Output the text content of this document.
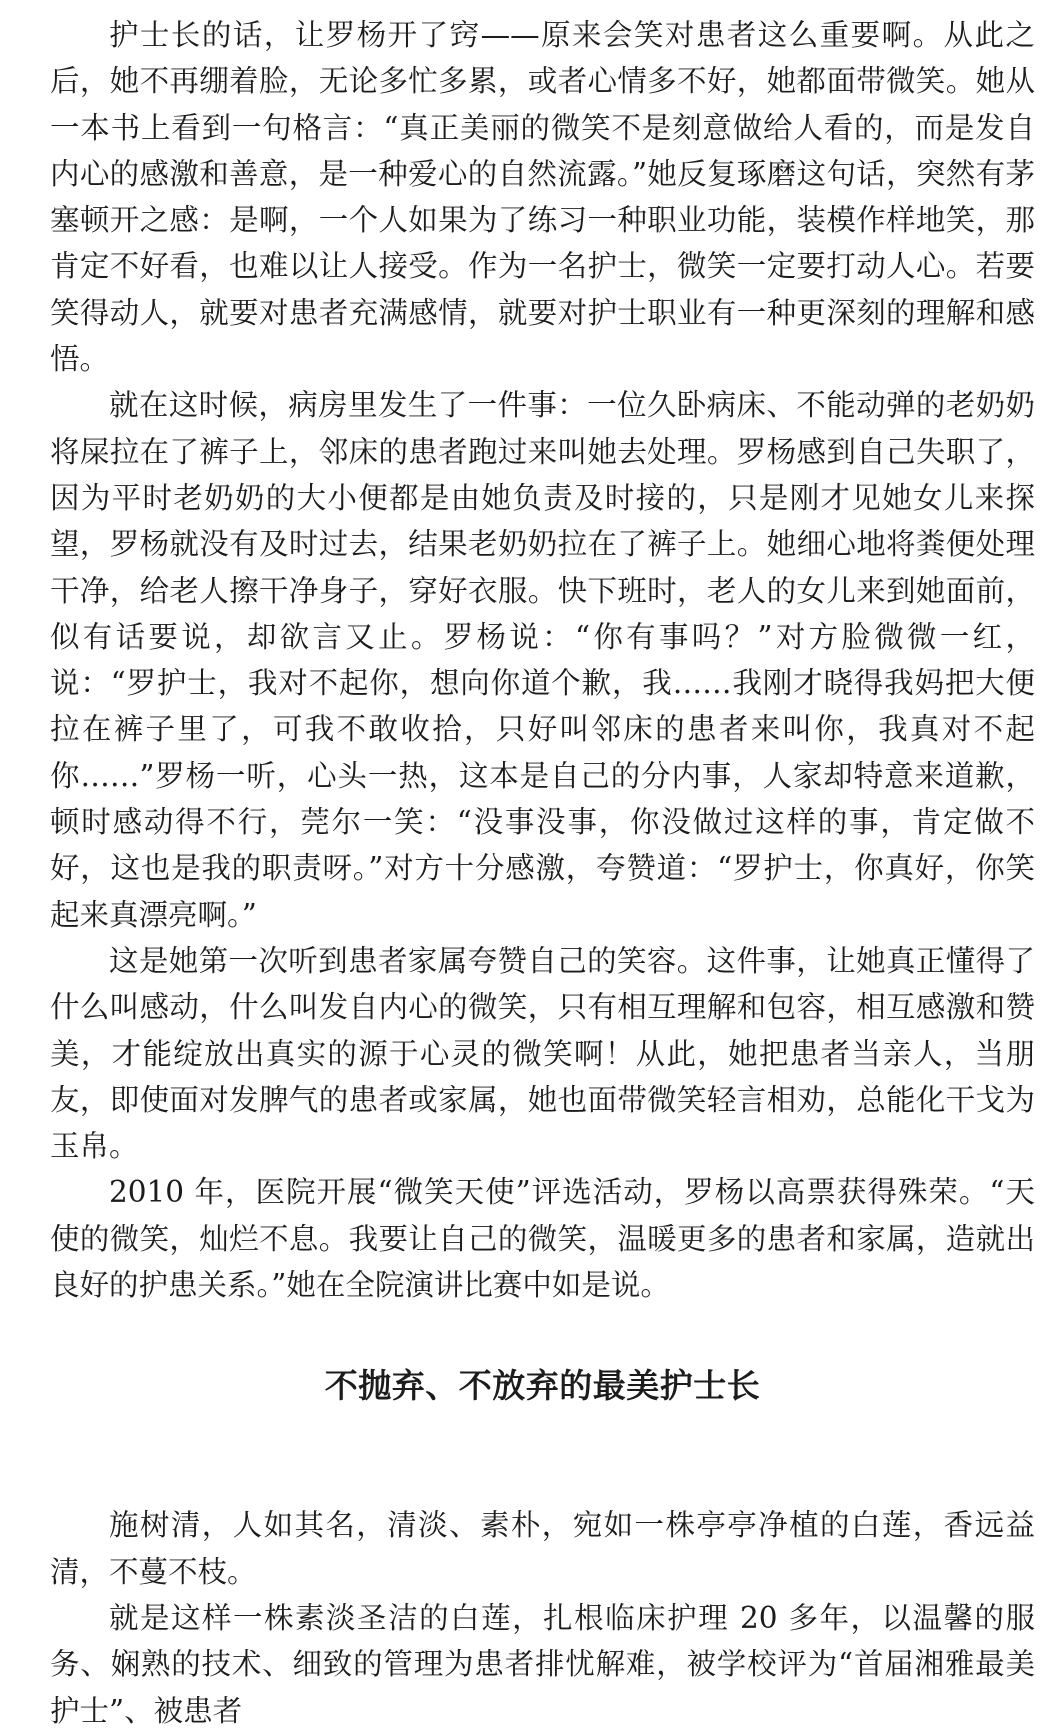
护士长的话，让罗杨开了窍——原来会笑对患者这么重要啊。从此之后，她不再绷着脸，无论多忙多累，或者心情多不好，她都面带微笑。她从一本书上看到一句格言：“真正美丽的微笑不是刻意做给人看的，而是发自内心的感激和善意，是一种爱心的自然流露。”她反复琢磨这句话，突然有茅塞顿开之感：是啊，一个人如果为了练习一种职业功能，装模作样地笑，那肯定不好看，也难以让人接受。作为一名护士，微笑一定要打动人心。若要笑得动人，就要对患者充满感情，就要对护士职业有一种更深刻的理解和感悟。

就在这时候，病房里发生了一件事：一位久卧病床、不能动弹的老奶奶将屎拉在了裤子上，邻床的患者跑过来叫她去处理。罗杨感到自己失职了，因为平时老奶奶的大小便都是由她负责及时接的，只是刚才见她女儿来探望，罗杨就没有及时过去，结果老奶奶拉在了裤子上。她细心地将粪便处理干净，给老人擦干净身子，穿好衣服。快下班时，老人的女儿来到她面前，似有话要说，却欲言又止。罗杨说：“你有事吗？”对方脸微微一红，说：“罗护士，我对不起你，想向你道个歉，我……我刚才晓得我妈把大便拉在裤子里了，可我不敢收拾，只好叫邻床的患者来叫你，我真对不起你……”罗杨一听，心头一热，这本是自己的分内事，人家却特意来道歉，顿时感动得不行，莞尔一笑：“没事没事，你没做过这样的事，肯定做不好，这也是我的职责呀。”对方十分感激，夸赞道：“罗护士，你真好，你笑起来真漂亮啊。”

这是她第一次听到患者家属夸赞自己的笑容。这件事，让她真正懂得了什么叫感动，什么叫发自内心的微笑，只有相互理解和包容，相互感激和赞美，才能绽放出真实的源于心灵的微笑啊！从此，她把患者当亲人，当朋友，即使面对发脾气的患者或家属，她也面带微笑轻言相劝，总能化干戈为玉帛。

2010 年，医院开展“微笑天使”评选活动，罗杨以高票获得殊荣。“天使的微笑，灿烂不息。我要让自己的微笑，温暖更多的患者和家属，造就出良好的护患关系。”她在全院演讲比赛中如是说。

不抛弃、不放弃的最美护士长

施树清，人如其名，清淡、素朴，宛如一株亭亭净植的白莲，香远益清，不蔓不枝。

就是这样一株素淡圣洁的白莲，扎根临床护理 20 多年，以温馨的服务、娴熟的技术、细致的管理为患者排忧解难，被学校评为“首届湘雅最美护士”、被患者
